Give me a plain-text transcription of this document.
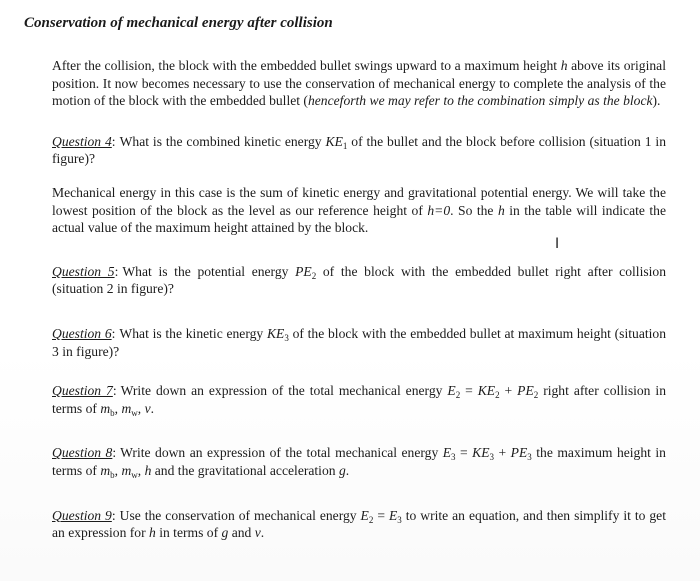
Conservation of mechanical energy after collision

After the collision, the block with the embedded bullet swings upward to a maximum height h above its original position. It now becomes necessary to use the conservation of mechanical energy to complete the analysis of the motion of the block with the embedded bullet (henceforth we may refer to the combination simply as the block).

Question 4: What is the combined kinetic energy $KE_1$ of the bullet and the block before collision (situation 1 in figure)?

Mechanical energy in this case is the sum of kinetic energy and gravitational potential energy. We will take the lowest position of the block as the level as our reference height of h=0. So the h in the table will indicate the actual value of the maximum height attained by the block.

Question 5: What is the potential energy $PE_2$ of the block with the embedded bullet right after collision (situation 2 in figure)?

Question 6: What is the kinetic energy $KE_3$ of the block with the embedded bullet at maximum height (situation 3 in figure)?

Question 7: Write down an expression of the total mechanical energy $E_2 = KE_2 + PE_2$ right after collision in terms of $m_b$, $m_w$, v.

Question 8: Write down an expression of the total mechanical energy $E_3 = KE_3 + PE_3$ the maximum height in terms of $m_b$, $m_w$, h and the gravitational acceleration g.

Question 9: Use the conservation of mechanical energy $E_2 = E_3$ to write an equation, and then simplify it to get an expression for h in terms of g and v.

I
